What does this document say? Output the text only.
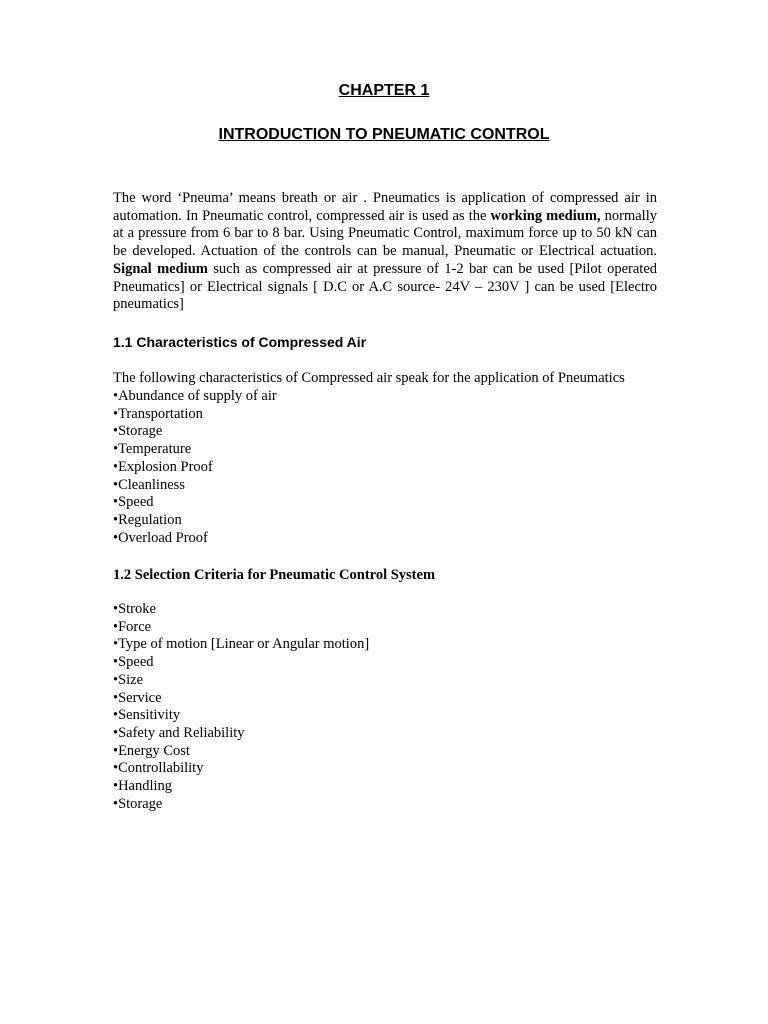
CHAPTER 1
INTRODUCTION TO PNEUMATIC CONTROL

The word ‘Pneuma’ means breath or air . Pneumatics is application of compressed air in automation. In Pneumatic control, compressed air is used as the working medium, normally at a pressure from 6 bar to 8 bar. Using Pneumatic Control, maximum force up to 50 kN can be developed. Actuation of the controls can be manual, Pneumatic or Electrical actuation. Signal medium such as compressed air at pressure of 1-2 bar can be used [Pilot operated Pneumatics] or Electrical signals [ D.C or A.C source- 24V – 230V ] can be used [Electro pneumatics]

1.1 Characteristics of Compressed Air

The following characteristics of Compressed air speak for the application of Pneumatics

• Abundance of supply of air
• Transportation
• Storage
• Temperature
• Explosion Proof
• Cleanliness
• Speed
• Regulation
• Overload Proof
1.2 Selection Criteria for Pneumatic Control System
• Stroke
• Force
• Type of motion [Linear or Angular motion]
• Speed
• Size
• Service
• Sensitivity
• Safety and Reliability
• Energy Cost
• Controllability
• Handling
• Storage
